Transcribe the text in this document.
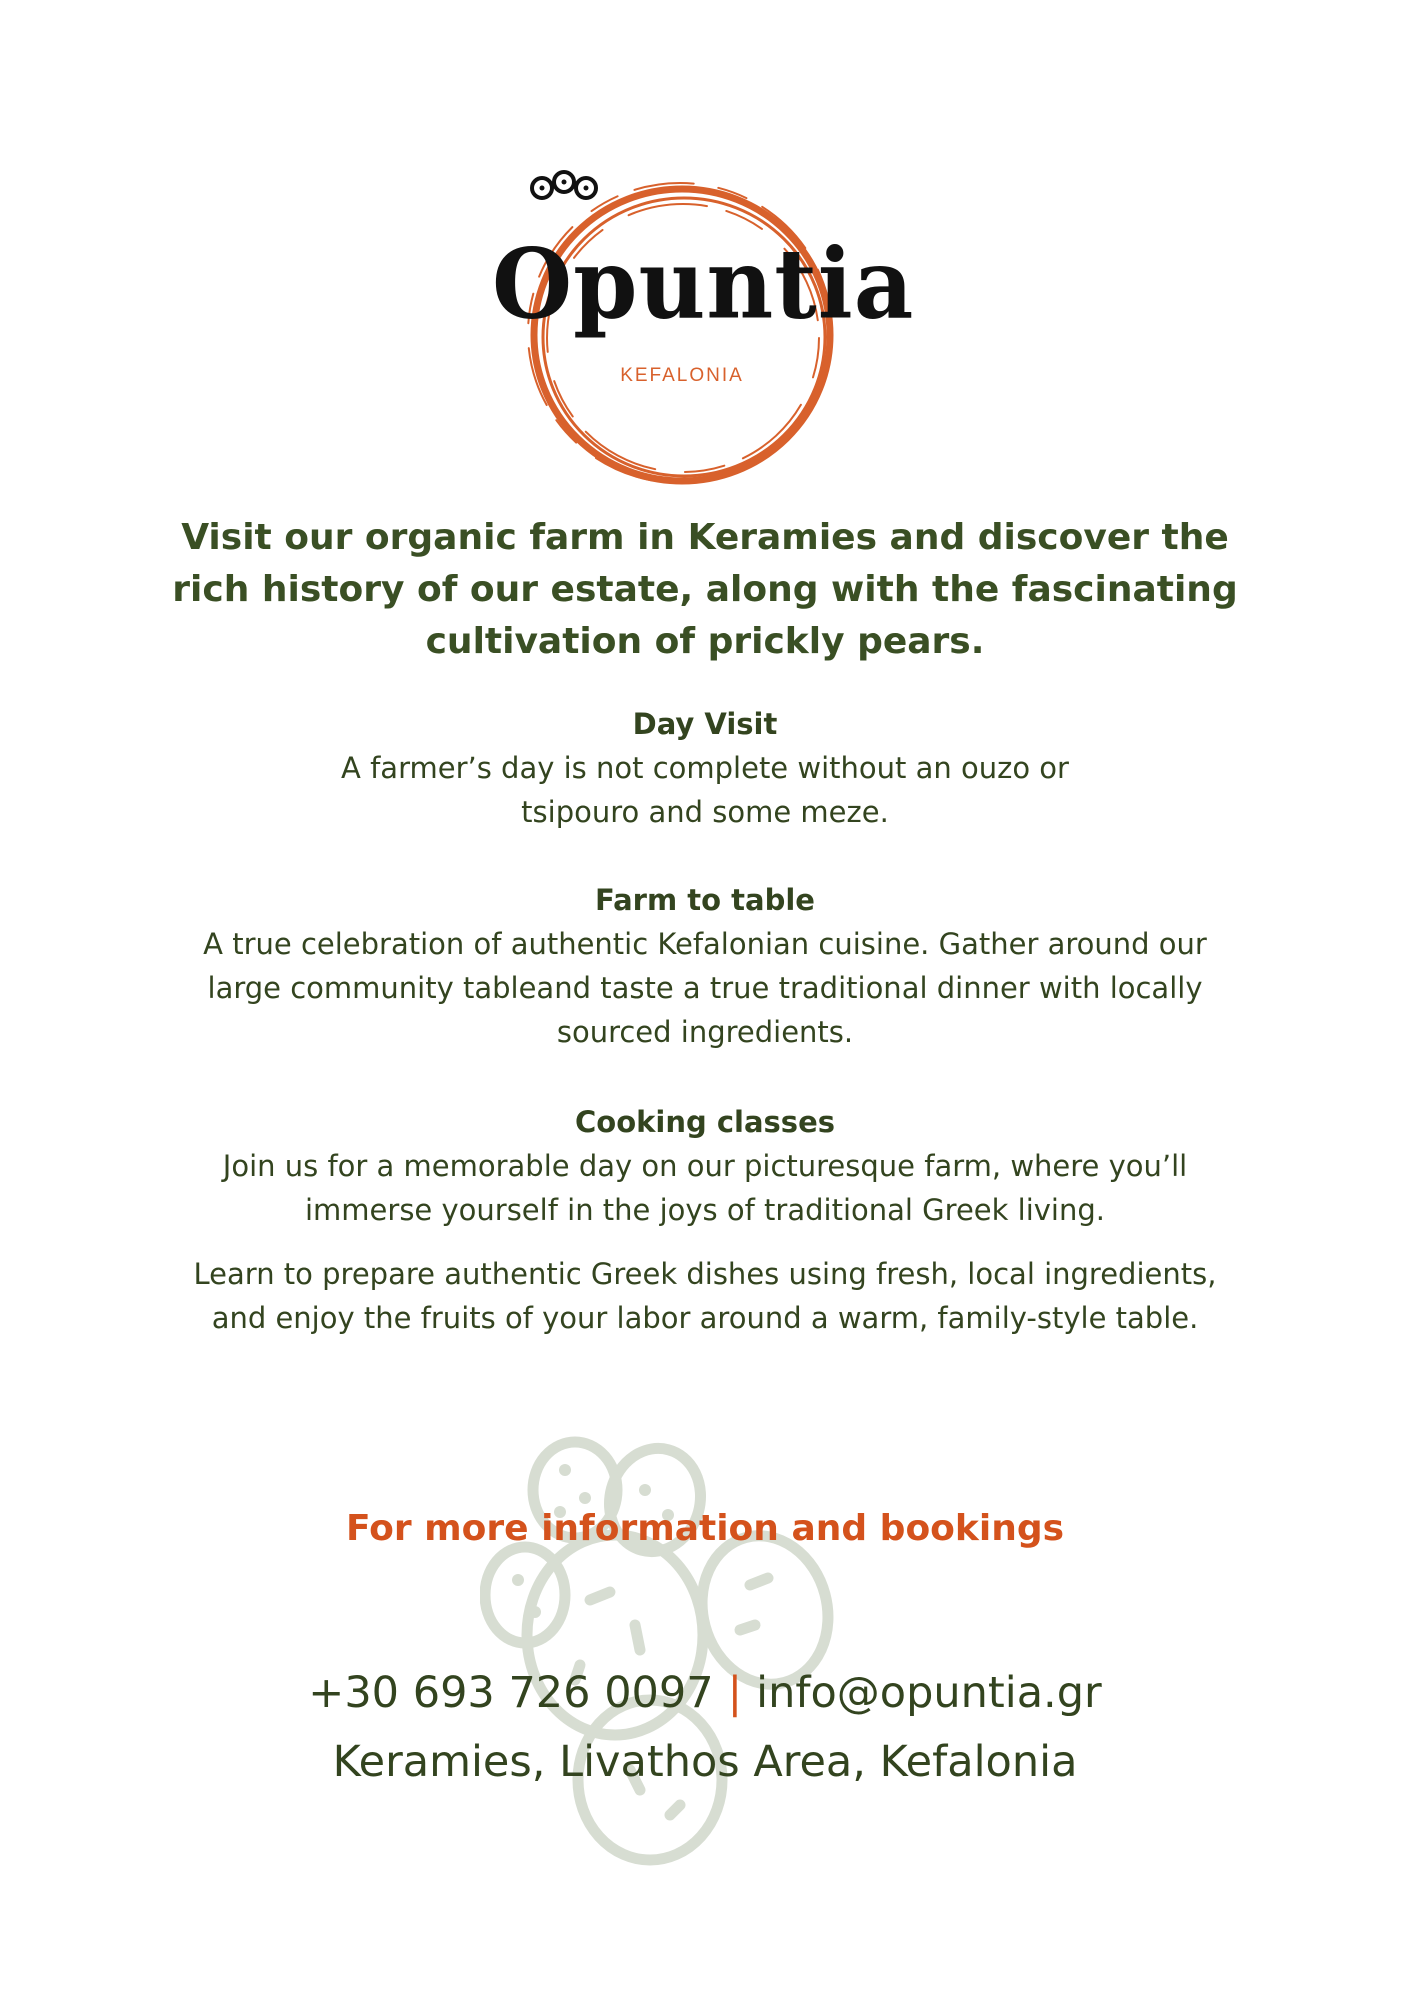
Opuntia
KEFALONIA
Visit our organic farm in Keramies and discover the rich history of our estate, along with the fascinating cultivation of prickly pears.
Day Visit

A farmer’s day is not complete without an ouzo or tsipouro and some meze.

Farm to table

A true celebration of authentic Kefalonian cuisine. Gather around our large community tableand taste a true traditional dinner with locally sourced ingredients.

Cooking classes

Join us for a memorable day on our picturesque farm, where you’ll immerse yourself in the joys of traditional Greek living.

Learn to prepare authentic Greek dishes using fresh, local ingredients, and enjoy the fruits of your labor around a warm, family-style table.

For more information and bookings
+30 693 726 0097 | info@opuntia.gr
Keramies, Livathos Area, Kefalonia
